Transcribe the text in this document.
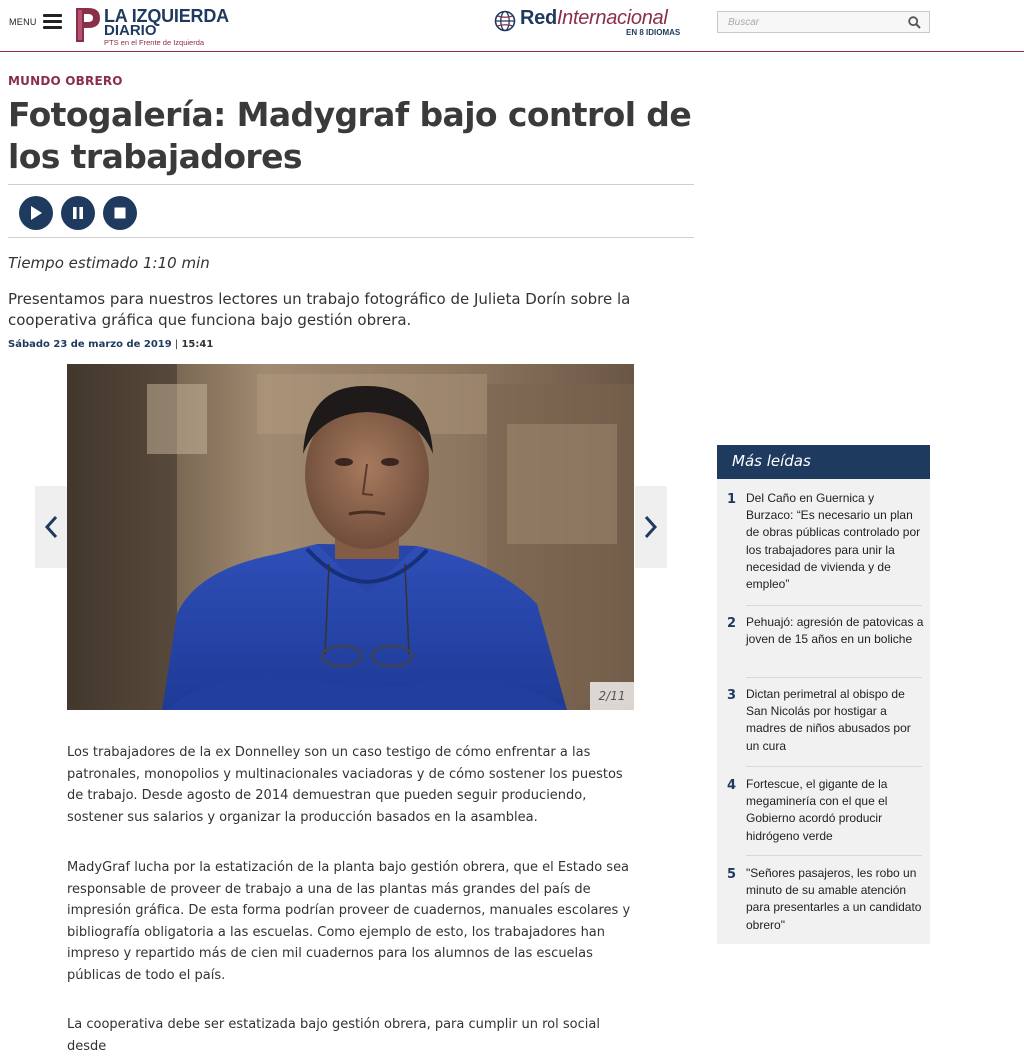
MENU	LA IZQUIERDA
DIARIO
PTS en el Frente de Izquierda
RedInternacional
EN 8 IDIOMAS
Buscar
MUNDO OBRERO
Fotogalería: Madygraf bajo control de los trabajadores
Tiempo estimado 1:10 min

Presentamos para nuestros lectores un trabajo fotográfico de Julieta Dorín sobre la cooperativa gráfica que funciona bajo gestión obrera.

Sábado 23 de marzo de 2019 | 15:41
2/11

Los trabajadores de la ex Donnelley son un caso testigo de cómo enfrentar a las patronales, monopolios y multinacionales vaciadoras y de cómo sostener los puestos de trabajo. Desde agosto de 2014 demuestran que pueden seguir produciendo, sostener sus salarios y organizar la producción basados en la asamblea.

MadyGraf lucha por la estatización de la planta bajo gestión obrera, que el Estado sea responsable de proveer de trabajo a una de las plantas más grandes del país de impresión gráfica. De esta forma podrían proveer de cuadernos, manuales escolares y bibliografía obligatoria a las escuelas. Como ejemplo de esto, los trabajadores han impreso y repartido más de cien mil cuadernos para los alumnos de las escuelas públicas de todo el país.

La cooperativa debe ser estatizada bajo gestión obrera, para cumplir un rol social desde

Más leídas
1 Del Caño en Guernica y Burzaco: “Es necesario un plan de obras públicas controlado por los trabajadores para unir la necesidad de vivienda y de empleo”
2 Pehuajó: agresión de patovicas a joven de 15 años en un boliche
3 Dictan perimetral al obispo de San Nicolás por hostigar a madres de niños abusados por un cura
4 Fortescue, el gigante de la megaminería con el que el Gobierno acordó producir hidrógeno verde
5 "Señores pasajeros, les robo un minuto de su amable atención para presentarles a un candidato obrero"
